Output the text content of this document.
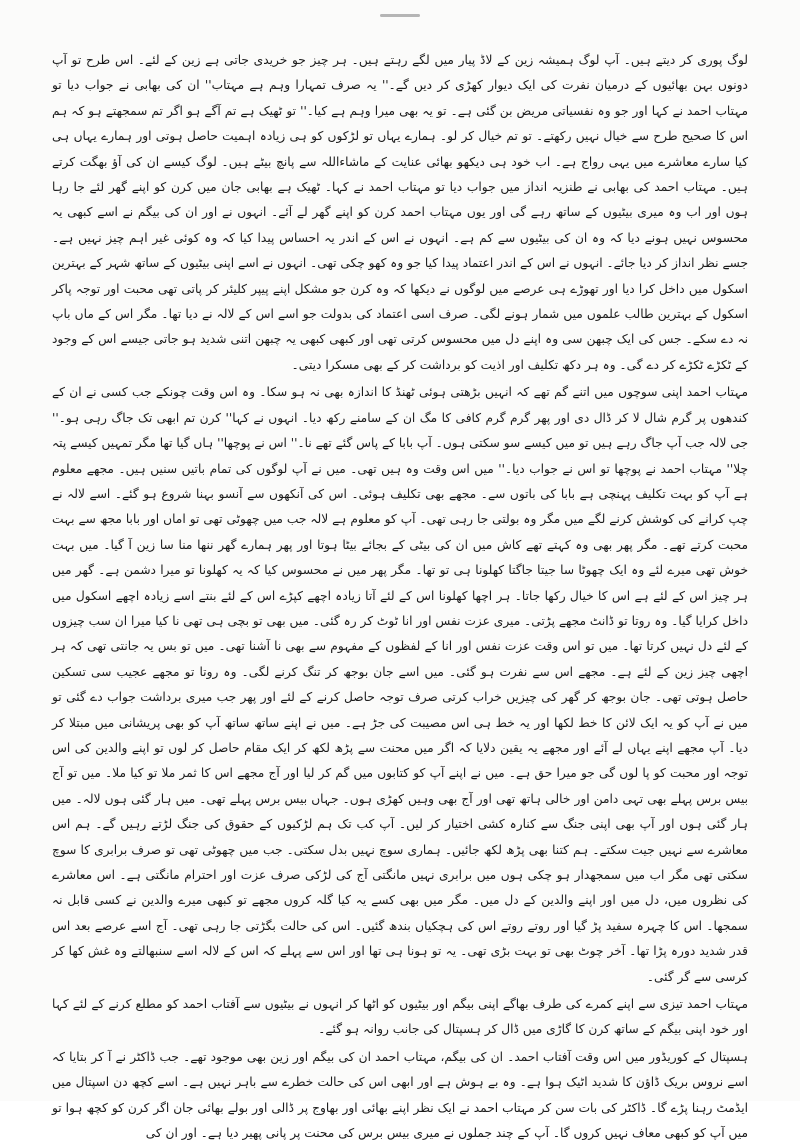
لوگ پوری کر دیتے ہیں۔ آپ لوگ ہمیشہ زین کے لاڈ پیار میں لگے رہتے ہیں۔ ہر چیز جو خریدی جاتی ہے زین کے لئے۔ اس طرح تو آپ دونوں بہن بھائیوں کے درمیان نفرت کی ایک دیوار کھڑی کر دیں گے۔'' یہ صرف تمہارا وہم ہے مہتاب'' ان کی بھابی نے جواب دیا تو مہتاب احمد نے کہا اور جو وہ نفسیاتی مریض بن گئی ہے۔ تو یہ بھی میرا وہم ہے کیا۔'' تو ٹھیک ہے تم آگے ہو اگر تم سمجھتے ہو کہ ہم اس کا صحیح طرح سے خیال نہیں رکھتے۔ تو تم خیال کر لو۔ ہمارے یہاں تو لڑکوں کو ہی زیادہ اہمیت حاصل ہوتی اور ہمارے یہاں ہی کیا سارے معاشرے میں یہی رواج ہے۔ اب خود ہی دیکھو بھائی عنایت کے ماشاءاللہ سے پانچ بیٹے ہیں۔ لوگ کیسے ان کی آؤ بھگت کرتے ہیں۔ مہتاب احمد کی بھابی نے طنزیہ انداز میں جواب دیا تو مہتاب احمد نے کہا۔ ٹھیک ہے بھابی جان میں کرن کو اپنے گھر لئے جا رہا ہوں اور اب وہ میری بیٹیوں کے ساتھ رہے گی اور یوں مہتاب احمد کرن کو اپنے گھر لے آئے۔ انہوں نے اور ان کی بیگم نے اسے کبھی یہ محسوس نہیں ہونے دیا کہ وہ ان کی بیٹیوں سے کم ہے۔ انہوں نے اس کے اندر یہ احساس پیدا کیا کہ وہ کوئی غیر اہم چیز نہیں ہے۔ جسے نظر انداز کر دیا جائے۔ انہوں نے اس کے اندر اعتماد پیدا کیا جو وہ کھو چکی تھی۔ انہوں نے اسے اپنی بیٹیوں کے ساتھ شہر کے بہترین اسکول میں داخل کرا دیا اور تھوڑے ہی عرصے میں لوگوں نے دیکھا کہ وہ کرن جو مشکل اپنے پیپر کلیئر کر پاتی تھی محبت اور توجہ پاکر اسکول کے بہترین طالب علموں میں شمار ہونے لگی۔ صرف اسی اعتماد کی بدولت جو اسے اس کے لالہ نے دیا تھا۔ مگر اس کے ماں باپ نہ دے سکے۔ جس کی ایک چبھن سی وہ اپنے دل میں محسوس کرتی تھی اور کبھی کبھی یہ چبھن اتنی شدید ہو جاتی جیسے اس کے وجود کے ٹکڑے ٹکڑے کر دے گی۔ وہ ہر دکھ تکلیف اور اذیت کو برداشت کر کے بھی مسکرا دیتی۔

مہتاب احمد اپنی سوچوں میں اتنے گم تھے کہ انہیں بڑھتی ہوئی ٹھنڈ کا اندازہ بھی نہ ہو سکا۔ وہ اس وقت چونکے جب کسی نے ان کے کندھوں پر گرم شال لا کر ڈال دی اور پھر گرم گرم کافی کا مگ ان کے سامنے رکھ دیا۔ انہوں نے کہا'' کرن تم ابھی تک جاگ رہی ہو۔'' جی لالہ جب آپ جاگ رہے ہیں تو میں کیسے سو سکتی ہوں۔ آپ بابا کے پاس گئے تھے نا۔'' اس نے پوچھا'' ہاں گیا تھا مگر تمہیں کیسے پتہ چلا'' مہتاب احمد نے پوچھا تو اس نے جواب دیا۔'' میں اس وقت وہ ہیں تھی۔ میں نے آپ لوگوں کی تمام باتیں سنیں ہیں۔ مجھے معلوم ہے آپ کو بہت تکلیف پہنچی ہے بابا کی باتوں سے۔ مجھے بھی تکلیف ہوئی۔ اس کی آنکھوں سے آنسو بہنا شروع ہو گئے۔ اسے لالہ نے چپ کرانے کی کوشش کرنے لگے میں مگر وہ بولتی جا رہی تھی۔ آپ کو معلوم ہے لالہ جب میں چھوٹی تھی تو اماں اور بابا مجھ سے بہت محبت کرتے تھے۔ مگر پھر بھی وہ کہتے تھے کاش میں ان کی بیٹی کے بجائے بیٹا ہوتا اور پھر ہمارے گھر ننھا منا سا زین آ گیا۔ میں بہت خوش تھی میرے لئے وہ ایک چھوٹا سا جیتا جاگتا کھلونا ہی تو تھا۔ مگر پھر میں نے محسوس کیا کہ یہ کھلونا تو میرا دشمن ہے۔ گھر میں ہر چیز اس کے لئے ہے اس کا خیال رکھا جاتا۔ ہر اچھا کھلونا اس کے لئے آتا زیادہ اچھے کپڑے اس کے لئے بنتے اسے زیادہ اچھے اسکول میں داخل کرایا گیا۔ وہ روتا تو ڈانٹ مجھے پڑتی۔ میری عزت نفس اور انا ٹوٹ کر رہ گئی۔ میں بھی تو بچی ہی تھی نا کیا میرا ان سب چیزوں کے لئے دل نہیں کرتا تھا۔ میں تو اس وقت عزت نفس اور انا کے لفظوں کے مفہوم سے بھی نا آشنا تھی۔ میں تو بس یہ جانتی تھی کہ ہر اچھی چیز زین کے لئے ہے۔ مجھے اس سے نفرت ہو گئی۔ میں اسے جان بوجھ کر تنگ کرنے لگی۔ وہ روتا تو مجھے عجیب سی تسکین حاصل ہوتی تھی۔ جان بوجھ کر گھر کی چیزیں خراب کرتی صرف توجہ حاصل کرنے کے لئے اور پھر جب میری برداشت جواب دے گئی تو میں نے آپ کو یہ ایک لائن کا خط لکھا اور یہ خط ہی اس مصیبت کی جڑ ہے۔ میں نے اپنے ساتھ ساتھ آپ کو بھی پریشانی میں مبتلا کر دیا۔ آپ مجھے اپنے یہاں لے آئے اور مجھے یہ یقین دلایا کہ اگر میں محنت سے پڑھ لکھ کر ایک مقام حاصل کر لوں تو اپنے والدین کی اس توجہ اور محبت کو پا لوں گی جو میرا حق ہے۔ میں نے اپنے آپ کو کتابوں میں گم کر لیا اور آج مجھے اس کا ثمر ملا تو کیا ملا۔ میں تو آج بیس برس پہلے بھی تہی دامن اور خالی ہاتھ تھی اور آج بھی وہیں کھڑی ہوں۔ جہاں بیس برس پہلے تھی۔ میں ہار گئی ہوں لالہ۔ میں ہار گئی ہوں اور آپ بھی اپنی جنگ سے کنارہ کشی اختیار کر لیں۔ آپ کب تک ہم لڑکیوں کے حقوق کی جنگ لڑتے رہیں گے۔ ہم اس معاشرے سے نہیں جیت سکتے۔ ہم کتنا بھی پڑھ لکھ جائیں۔ ہماری سوچ نہیں بدل سکتی۔ جب میں چھوٹی تھی تو صرف برابری کا سوچ سکتی تھی مگر اب میں سمجھدار ہو چکی ہوں میں برابری نہیں مانگتی آج کی لڑکی صرف عزت اور احترام مانگتی ہے۔ اس معاشرے کی نظروں میں، دل میں اور اپنے والدین کے دل میں۔ مگر میں بھی کسے یہ کیا گلہ کروں مجھے تو کبھی میرے والدین نے کسی قابل نہ سمجھا۔ اس کا چہرہ سفید پڑ گیا اور روتے روتے اس کی ہچکیاں بندھ گئیں۔ اس کی حالت بگڑتی جا رہی تھی۔ آج اسے عرصے بعد اس قدر شدید دورہ پڑا تھا۔ آخر چوٹ بھی تو بہت بڑی تھی۔ یہ تو ہونا ہی تھا اور اس سے پہلے کہ اس کے لالہ اسے سنبھالتے وہ غش کھا کر کرسی سے گر گئی۔

مہتاب احمد تیزی سے اپنے کمرے کی طرف بھاگے اپنی بیگم اور بیٹیوں کو اٹھا کر انہوں نے بیٹیوں سے آفتاب احمد کو مطلع کرنے کے لئے کہا اور خود اپنی بیگم کے ساتھ کرن کا گاڑی میں ڈال کر ہسپتال کی جانب روانہ ہو گئے۔

ہسپتال کے کوریڈور میں اس وقت آفتاب احمد۔ ان کی بیگم، مہتاب احمد ان کی بیگم اور زین بھی موجود تھے۔ جب ڈاکٹر نے آ کر بتایا کہ اسے نروس بریک ڈاؤن کا شدید اٹیک ہوا ہے۔ وہ بے ہوش ہے اور ابھی اس کی حالت خطرے سے باہر نہیں ہے۔ اسے کچھ دن اسپتال میں ایڈمٹ رہنا پڑے گا۔ ڈاکٹر کی بات سن کر مہتاب احمد نے ایک نظر اپنے بھائی اور بھاوج پر ڈالی اور بولے بھائی جان اگر کرن کو کچھ ہوا تو میں آپ کو کبھی معاف نہیں کروں گا۔ آپ کے چند جملوں نے میری بیس برس کی محنت پر پانی پھیر دیا ہے۔ اور ان کی
